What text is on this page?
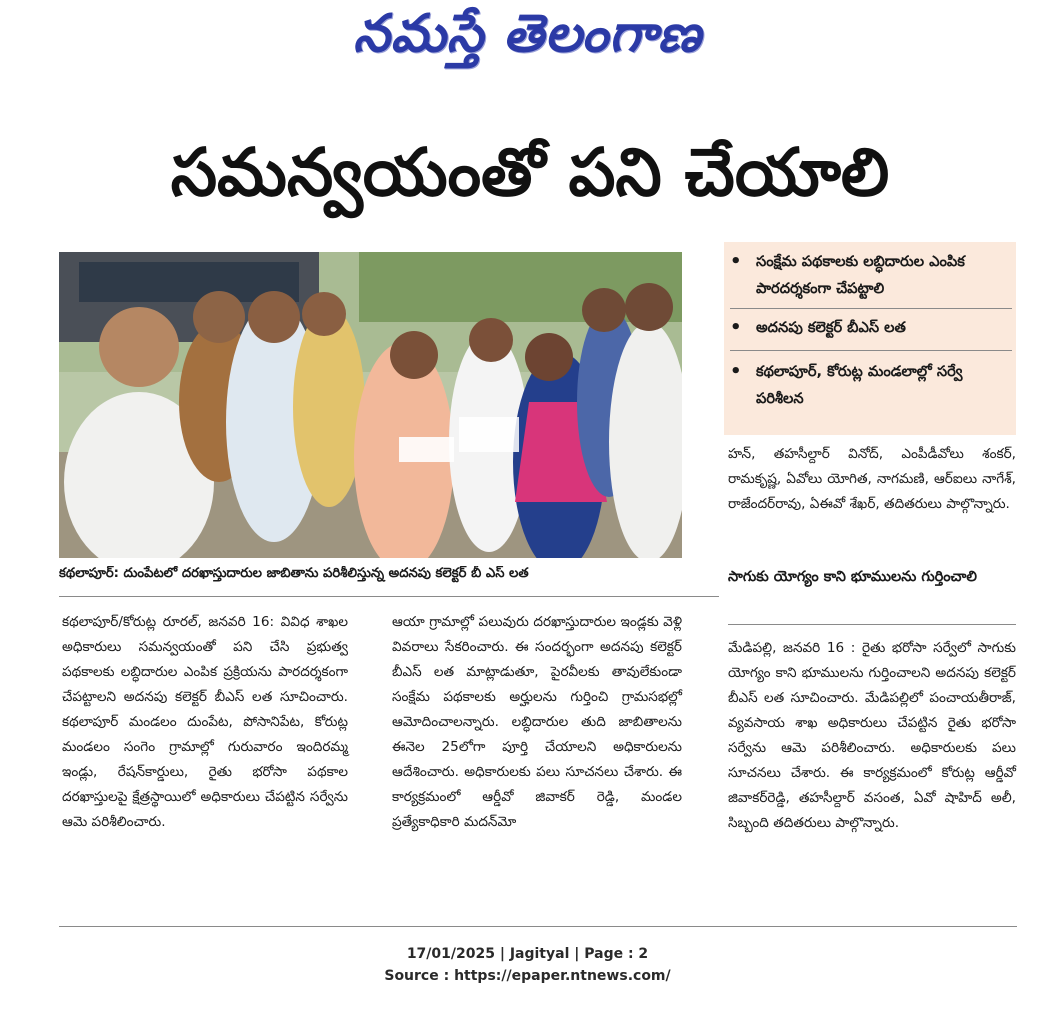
నమస్తే తెలంగాణ
సమన్వయంతో పని చేయాలి
కథలాపూర్: దుంపేటలో దరఖాస్తుదారుల జాబితాను పరిశీలిస్తున్న అదనపు కలెక్టర్ బీ ఎస్ లత

కథలాపూర్/కోరుట్ల రూరల్, జనవరి 16: వివిధ శాఖల అధికారులు సమన్వయంతో పని చేసి ప్రభుత్వ పథకాలకు లబ్ధిదారుల ఎంపిక ప్రక్రియను పారదర్శకంగా చేపట్టాలని అదనపు కలెక్టర్ బీఎస్ లత సూచించారు. కథలాపూర్ మండలం దుంపేట, పోసానిపేట, కోరుట్ల మండలం సంగెం గ్రామాల్లో గురువారం ఇందిరమ్మ ఇండ్లు, రేషన్‌కార్డులు, రైతు భరోసా పథకాల దరఖాస్తులపై క్షేత్రస్థాయిలో అధికారులు చేపట్టిన సర్వేను ఆమె పరిశీలించారు.

ఆయా గ్రామాల్లో పలువురు దరఖాస్తుదారుల ఇండ్లకు వెళ్లి వివరాలు సేకరించారు. ఈ సందర్భంగా అదనపు కలెక్టర్ బీఎస్ లత మాట్లాడుతూ, పైరవీలకు తావులేకుండా సంక్షేమ పథకాలకు అర్హులను గుర్తించి గ్రామసభల్లో ఆమోదించాలన్నారు. లబ్ధిదారుల తుది జాబితాలను ఈనెల 25లోగా పూర్తి చేయాలని అధికారులను ఆదేశించారు. అధికారులకు పలు సూచనలు చేశారు. ఈ కార్యక్రమంలో ఆర్డీవో జివాకర్ రెడ్డి, మండల ప్రత్యేకాధికారి మదన్‌మో

• సంక్షేమ పథకాలకు లబ్ధిదారుల ఎంపిక పారదర్శకంగా చేపట్టాలి
• అదనపు కలెక్టర్ బీఎస్ లత
• కథలాపూర్, కోరుట్ల మండలాల్లో సర్వే పరిశీలన

హన్, తహసీల్దార్ వినోద్, ఎంపీడీవోలు శంకర్, రామకృష్ణ, ఏవోలు యోగిత, నాగమణి, ఆర్‌ఐలు నాగేశ్, రాజేందర్‌రావు, ఏఈవో శేఖర్, తదితరులు పాల్గొన్నారు.

సాగుకు యోగ్యం కాని భూములను గుర్తించాలి

మేడిపల్లి, జనవరి 16 : రైతు భరోసా సర్వేలో సాగుకు యోగ్యం కాని భూములను గుర్తించాలని అదనపు కలెక్టర్ బీఎస్ లత సూచించారు. మేడిపల్లిలో పంచాయతీరాజ్, వ్యవసాయ శాఖ అధికారులు చేపట్టిన రైతు భరోసా సర్వేను ఆమె పరిశీలించారు. అధికారులకు పలు సూచనలు చేశారు. ఈ కార్యక్రమంలో కోరుట్ల ఆర్డీవో జివాకర్‌రెడ్డి, తహసీల్దార్ వసంత, ఏవో షాహిద్ అలీ, సిబ్బంది తదితరులు పాల్గొన్నారు.

17/01/2025 | Jagityal | Page : 2
Source : https://epaper.ntnews.com/
